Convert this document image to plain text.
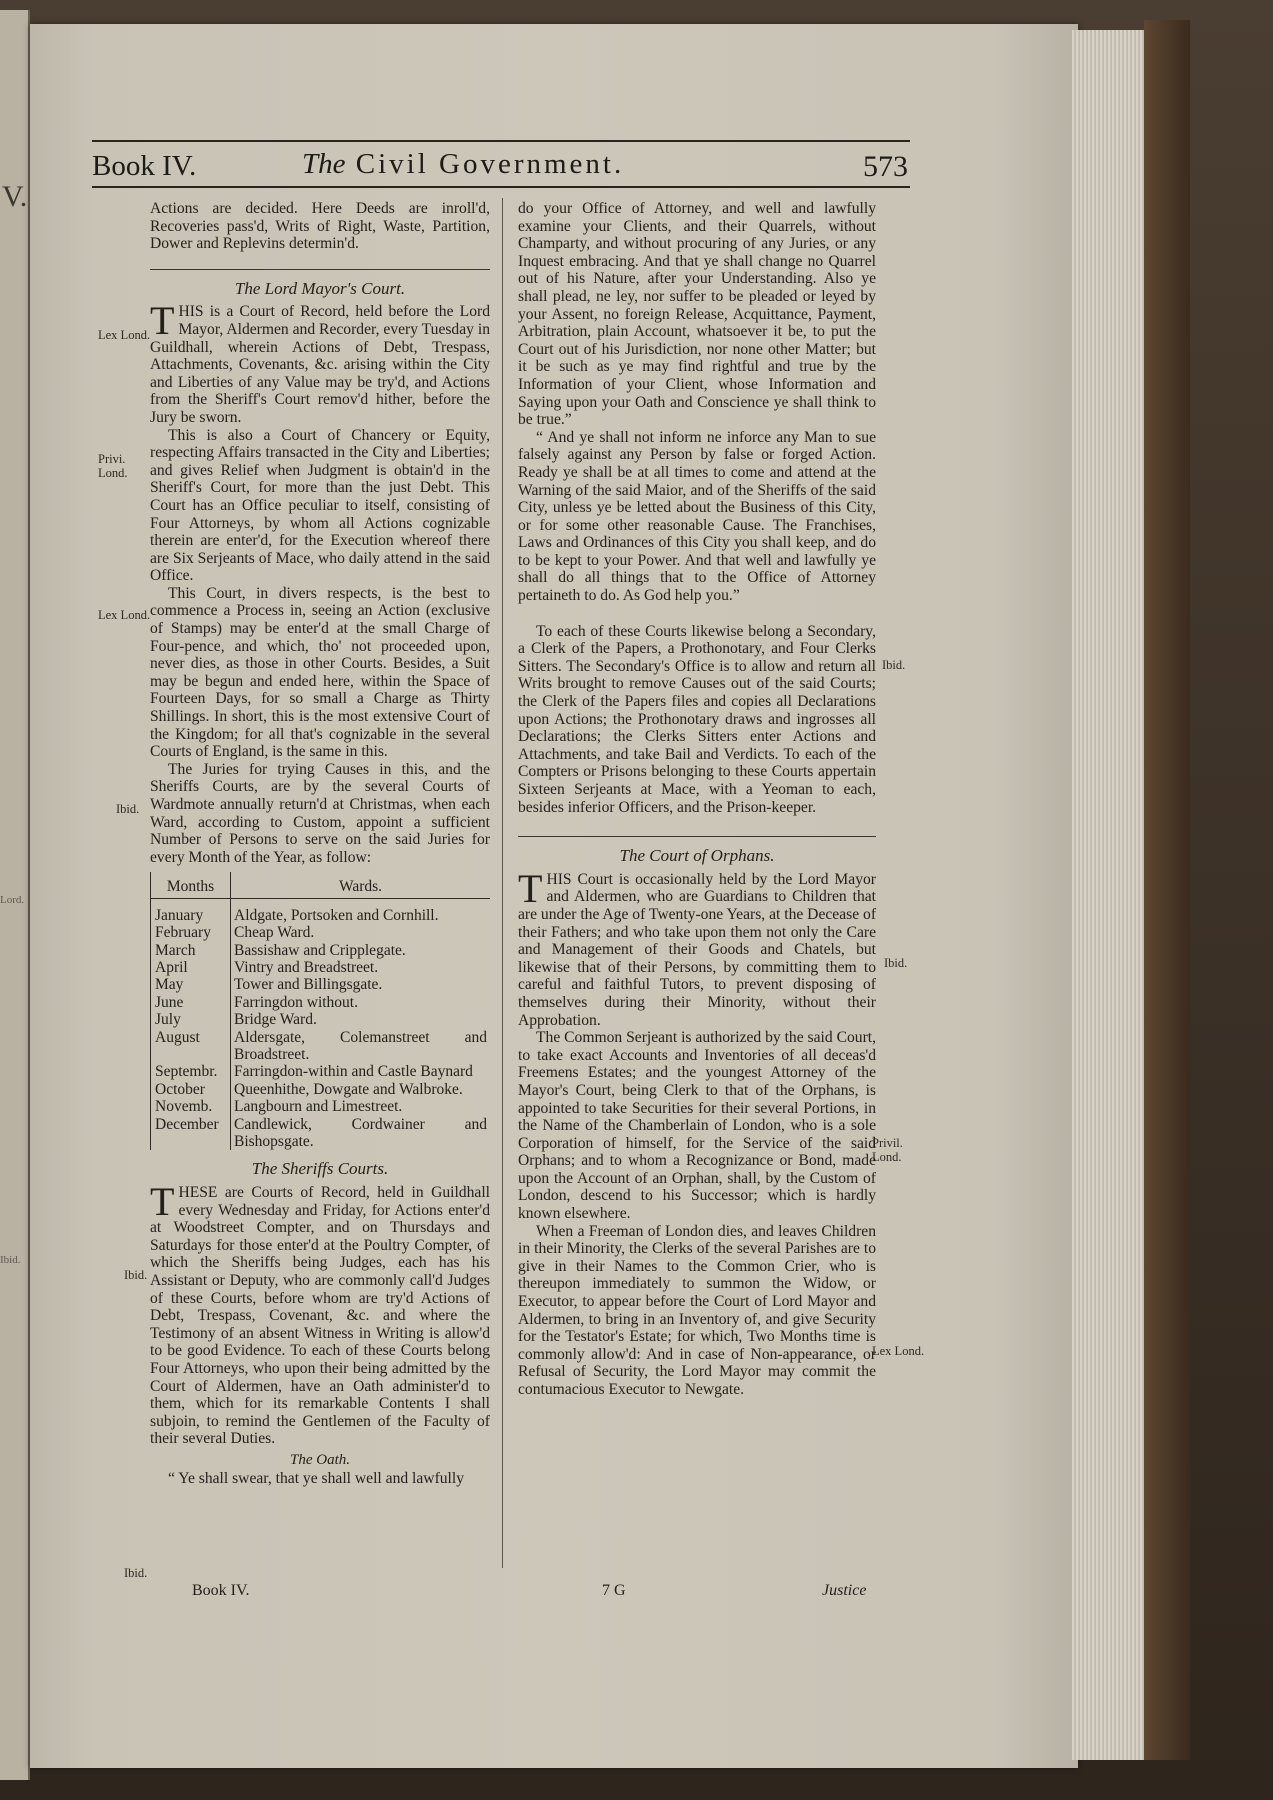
V.
Lord.
Ibid.
Book IV.	The Civil Government.	573
Lex Lond.
Privi. Lond.
Lex Lond.
Ibid.
Ibid.
Ibid.
Ibid.
Ibid.
Privil. Lond.
Lex Lond.

Actions are decided. Here Deeds are inroll'd, Recoveries pass'd, Writs of Right, Waste, Partition, Dower and Replevins determin'd.

The Lord Mayor's Court.

THIS is a Court of Record, held before the Lord Mayor, Aldermen and Recorder, every Tuesday in Guildhall, wherein Actions of Debt, Trespass, Attachments, Covenants, &c. arising within the City and Liberties of any Value may be try'd, and Actions from the Sheriff's Court remov'd hither, before the Jury be sworn.

This is also a Court of Chancery or Equity, respecting Affairs transacted in the City and Liberties; and gives Relief when Judgment is obtain'd in the Sheriff's Court, for more than the just Debt. This Court has an Office peculiar to itself, consisting of Four Attorneys, by whom all Actions cognizable therein are enter'd, for the Execution whereof there are Six Serjeants of Mace, who daily attend in the said Office.

This Court, in divers respects, is the best to commence a Process in, seeing an Action (exclusive of Stamps) may be enter'd at the small Charge of Four-pence, and which, tho' not proceeded upon, never dies, as those in other Courts. Besides, a Suit may be begun and ended here, within the Space of Fourteen Days, for so small a Charge as Thirty Shillings. In short, this is the most extensive Court of the Kingdom; for all that's cognizable in the several Courts of England, is the same in this.

The Juries for trying Causes in this, and the Sheriffs Courts, are by the several Courts of Wardmote annually return'd at Christmas, when each Ward, according to Custom, appoint a sufficient Number of Persons to serve on the said Juries for every Month of the Year, as follow:

Months	Wards.
January	Aldgate, Portsoken and Cornhill.
February	Cheap Ward.
March	Bassishaw and Cripplegate.
April	Vintry and Breadstreet.
May	Tower and Billingsgate.
June	Farringdon without.
July	Bridge Ward.
August	Aldersgate, Colemanstreet and Broadstreet.
Septembr.	Farringdon-within and Castle Baynard
October	Queenhithe, Dowgate and Walbroke.
Novemb.	Langbourn and Limestreet.
December	Candlewick, Cordwainer and Bishopsgate.

The Sheriffs Courts.

THESE are Courts of Record, held in Guildhall every Wednesday and Friday, for Actions enter'd at Woodstreet Compter, and on Thursdays and Saturdays for those enter'd at the Poultry Compter, of which the Sheriffs being Judges, each has his Assistant or Deputy, who are commonly call'd Judges of these Courts, before whom are try'd Actions of Debt, Trespass, Covenant, &c. and where the Testimony of an absent Witness in Writing is allow'd to be good Evidence. To each of these Courts belong Four Attorneys, who upon their being admitted by the Court of Aldermen, have an Oath administer'd to them, which for its remarkable Contents I shall subjoin, to remind the Gentlemen of the Faculty of their several Duties.

The Oath.

“ Ye shall swear, that ye shall well and lawfully

do your Office of Attorney, and well and lawfully examine your Clients, and their Quarrels, without Champarty, and without procuring of any Juries, or any Inquest embracing. And that ye shall change no Quarrel out of his Nature, after your Understanding. Also ye shall plead, ne ley, nor suffer to be pleaded or leyed by your Assent, no foreign Release, Acquittance, Payment, Arbitration, plain Account, whatsoever it be, to put the Court out of his Jurisdiction, nor none other Matter; but it be such as ye may find rightful and true by the Information of your Client, whose Information and Saying upon your Oath and Conscience ye shall think to be true.”

“ And ye shall not inform ne inforce any Man to sue falsely against any Person by false or forged Action. Ready ye shall be at all times to come and attend at the Warning of the said Maior, and of the Sheriffs of the said City, unless ye be letted about the Business of this City, or for some other reasonable Cause. The Franchises, Laws and Ordinances of this City you shall keep, and do to be kept to your Power. And that well and lawfully ye shall do all things that to the Office of Attorney pertaineth to do. As God help you.”

To each of these Courts likewise belong a Secondary, a Clerk of the Papers, a Prothonotary, and Four Clerks Sitters. The Secondary's Office is to allow and return all Writs brought to remove Causes out of the said Courts; the Clerk of the Papers files and copies all Declarations upon Actions; the Prothonotary draws and ingrosses all Declarations; the Clerks Sitters enter Actions and Attachments, and take Bail and Verdicts. To each of the Compters or Prisons belonging to these Courts appertain Sixteen Serjeants at Mace, with a Yeoman to each, besides inferior Officers, and the Prison-keeper.

The Court of Orphans.

THIS Court is occasionally held by the Lord Mayor and Aldermen, who are Guardians to Children that are under the Age of Twenty-one Years, at the Decease of their Fathers; and who take upon them not only the Care and Management of their Goods and Chatels, but likewise that of their Persons, by committing them to careful and faithful Tutors, to prevent disposing of themselves during their Minority, without their Approbation.

The Common Serjeant is authorized by the said Court, to take exact Accounts and Inventories of all deceas'd Freemens Estates; and the youngest Attorney of the Mayor's Court, being Clerk to that of the Orphans, is appointed to take Securities for their several Portions, in the Name of the Chamberlain of London, who is a sole Corporation of himself, for the Service of the said Orphans; and to whom a Recognizance or Bond, made upon the Account of an Orphan, shall, by the Custom of London, descend to his Successor; which is hardly known elsewhere.

When a Freeman of London dies, and leaves Children in their Minority, the Clerks of the several Parishes are to give in their Names to the Common Crier, who is thereupon immediately to summon the Widow, or Executor, to appear before the Court of Lord Mayor and Aldermen, to bring in an Inventory of, and give Security for the Testator's Estate; for which, Two Months time is commonly allow'd: And in case of Non-appearance, or Refusal of Security, the Lord Mayor may commit the contumacious Executor to Newgate.

Book IV.	7 G	Justice
